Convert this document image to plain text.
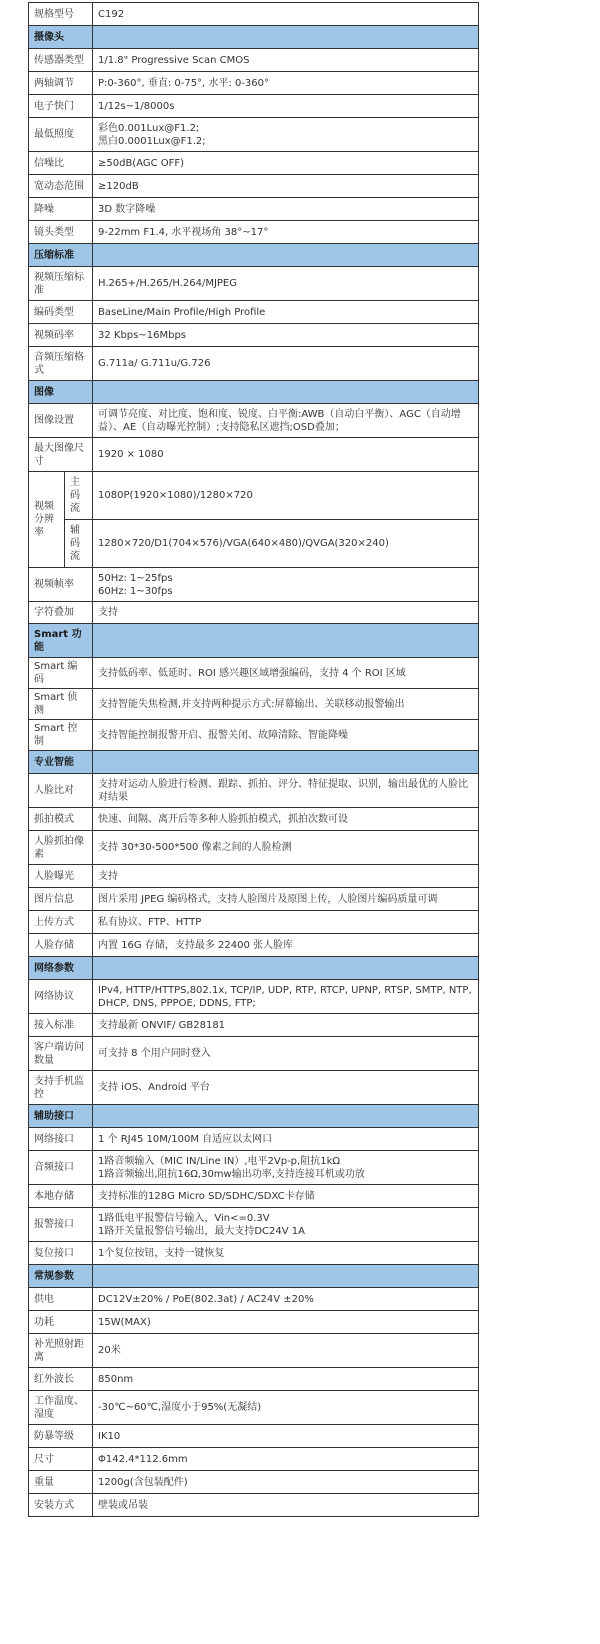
规格型号		C192
摄像头		
传感器类型		1/1.8" Progressive Scan CMOS
两轴调节		P:0-360°, 垂直: 0-75°, 水平: 0-360°
电子快门		1/12s~1/8000s
最低照度		彩色0.001Lux@F1.2;
黑白0.0001Lux@F1.2;

信噪比		≥50dB(AGC OFF)
宽动态范围		≥120dB
降噪		3D 数字降噪
镜头类型		9-22mm F1.4, 水平视场角 38°~17°
压缩标准		
视频压缩标准		H.265+/H.265/H.264/MJPEG
编码类型		BaseLine/Main Profile/High Profile
视频码率		32 Kbps~16Mbps
音频压缩格式		G.711a/ G.711u/G.726
图像		
图像设置		可调节亮度、对比度、饱和度、锐度、白平衡:AWB（自动白平衡）、AGC（自动增益）、AE（自动曝光控制）;支持隐私区遮挡;OSD叠加；
最大图像尺寸		1920 × 1080
视频分辨率	主码流	1080P(1920×1080)/1280×720
	辅码流	1280×720/D1(704×576)/VGA(640×480)/QVGA(320×240)
视频帧率		50Hz: 1~25fps
60Hz: 1~30fps

字符叠加		支持
Smart 功能		
Smart 编码		支持低码率、低延时、ROI 感兴趣区域增强编码，支持 4 个 ROI 区域
Smart 侦测		支持智能失焦检测,并支持两种提示方式:屏幕输出、关联移动报警输出
Smart 控制		支持智能控制报警开启、报警关闭、故障清除、智能降噪
专业智能		
人脸比对		支持对运动人脸进行检测、跟踪、抓拍、评分、特征提取、识别，输出最优的人脸比对结果
抓拍模式		快速、间隔、离开后等多种人脸抓拍模式，抓拍次数可设
人脸抓拍像素		支持 30*30-500*500 像素之间的人脸检测
人脸曝光		支持
图片信息		图片采用 JPEG 编码格式，支持人脸图片及原图上传，人脸图片编码质量可调
上传方式		私有协议、FTP、HTTP
人脸存储		内置 16G 存储，支持最多 22400 张人脸库
网络参数		
网络协议		IPv4, HTTP/HTTPS,802.1x, TCP/IP, UDP, RTP, RTCP, UPNP, RTSP, SMTP, NTP, DHCP, DNS, PPPOE, DDNS, FTP;
接入标准		支持最新 ONVIF/ GB28181
客户端访问数量		可支持 8 个用户同时登入
支持手机监控		支持 iOS、Android 平台
辅助接口		
网络接口		1 个 RJ45 10M/100M 自适应以太网口
音频接口		1路音频输入（MIC IN/Line IN）,电平2Vp-p,阻抗1kΩ
1路音频输出,阻抗16Ω,30mw输出功率,支持连接耳机或功放

本地存储		支持标准的128G Micro SD/SDHC/SDXC卡存储
报警接口		1路低电平报警信号输入，Vin<=0.3V
1路开关量报警信号输出，最大支持DC24V 1A

复位接口		1个复位按钮，支持一键恢复
常规参数		
供电		DC12V±20% / PoE(802.3at) / AC24V ±20%
功耗		15W(MAX)
补光照射距离		20米
红外波长		850nm
工作温度、湿度		-30℃~60℃,湿度小于95%(无凝结)
防暴等级		IK10
尺寸		Φ142.4*112.6mm
重量		1200g(含包装配件)
安装方式		壁装或吊装
